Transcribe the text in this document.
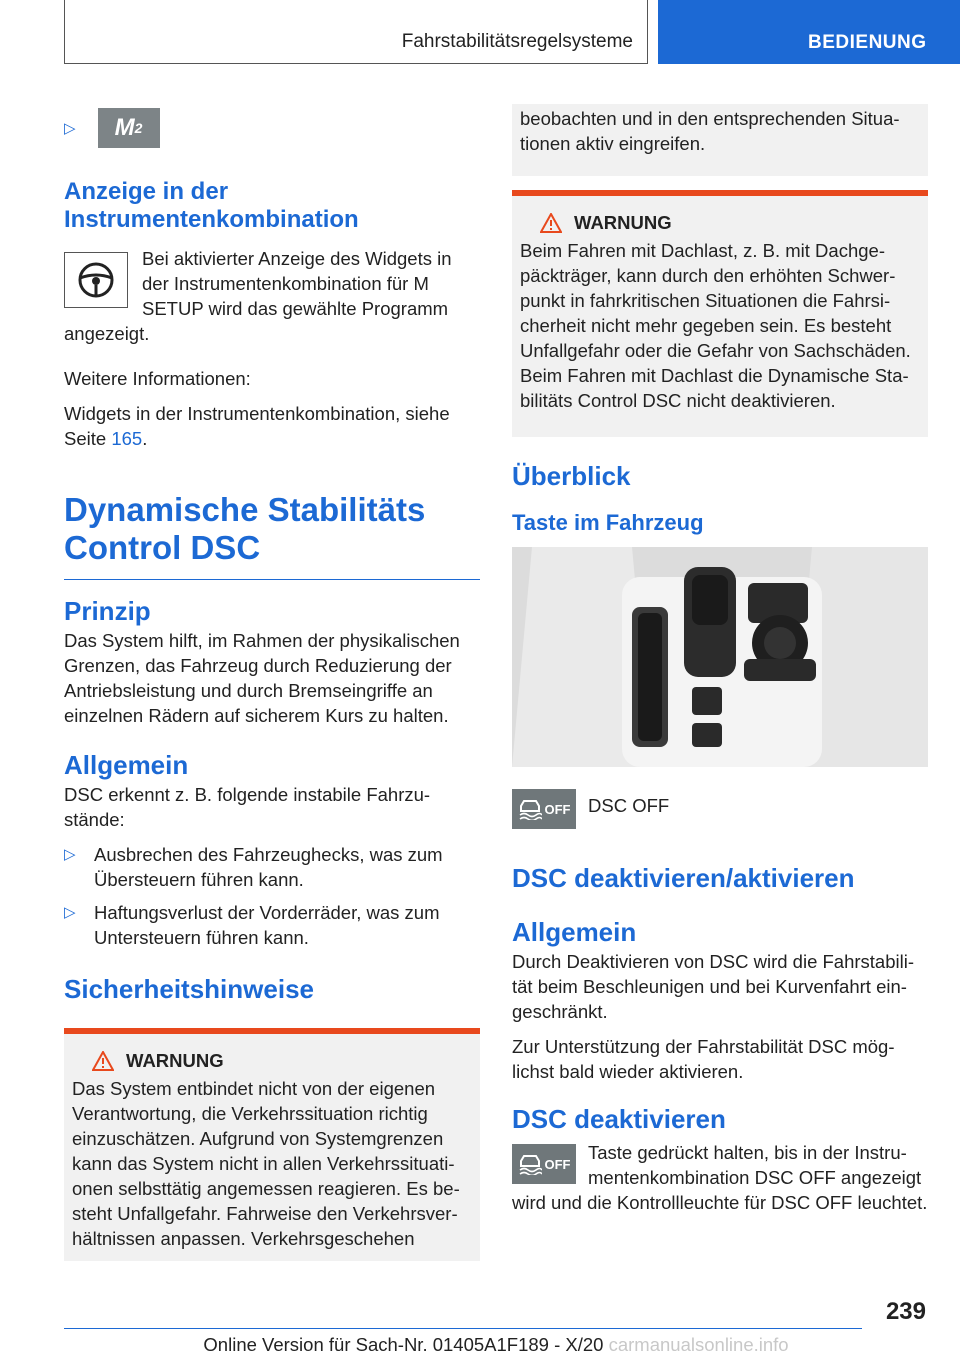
Fahrstabilitätsregelsysteme	BEDIENUNG
▷ M 2
Anzeige in der Instrumentenkombination

Bei aktivierter Anzeige des Widgets in der Instrumentenkombination für M SETUP wird das gewählte Programm angezeigt.

Weitere Informationen:

Widgets in der Instrumentenkombination, siehe Seite 165.

Dynamische Stabilitäts Control DSC
Prinzip

Das System hilft, im Rahmen der physikalischen Grenzen, das Fahrzeug durch Reduzierung der Antriebsleistung und durch Bremseingriffe an einzelnen Rädern auf sicherem Kurs zu halten.

Allgemein

DSC erkennt z. B. folgende instabile Fahrzustände:

▷ Ausbrechen des Fahrzeughecks, was zum Übersteuern führen kann.
▷ Haftungsverlust der Vorderräder, was zum Untersteuern führen kann.
Sicherheitshinweise
WARNUNG

Das System entbindet nicht von der eigenen Verantwortung, die Verkehrssituation richtig einzuschätzen. Aufgrund von Systemgrenzen kann das System nicht in allen Verkehrssituationen selbsttätig angemessen reagieren. Es besteht Unfallgefahr. Fahrweise den Verkehrsverhältnissen anpassen. Verkehrsgeschehen

beobachten und in den entsprechenden Situationen aktiv eingreifen.

WARNUNG

Beim Fahren mit Dachlast, z. B. mit Dachgepäckträger, kann durch den erhöhten Schwerpunkt in fahrkritischen Situationen die Fahrsicherheit nicht mehr gegeben sein. Es besteht Unfallgefahr oder die Gefahr von Sachschäden. Beim Fahren mit Dachlast die Dynamische Stabilitäts Control DSC nicht deaktivieren.

Überblick
Taste im Fahrzeug
OFF DSC OFF

DSC deaktivieren/aktivieren
Allgemein

Durch Deaktivieren von DSC wird die Fahrstabilität beim Beschleunigen und bei Kurvenfahrt eingeschränkt.

Zur Unterstützung der Fahrstabilität DSC möglichst bald wieder aktivieren.

DSC deaktivieren
OFF

Taste gedrückt halten, bis in der Instrumentenkombination DSC OFF angezeigt wird und die Kontrollleuchte für DSC OFF leuchtet.

239
Online Version für Sach-Nr. 01405A1F189 - X/20 carmanualsonline.info
